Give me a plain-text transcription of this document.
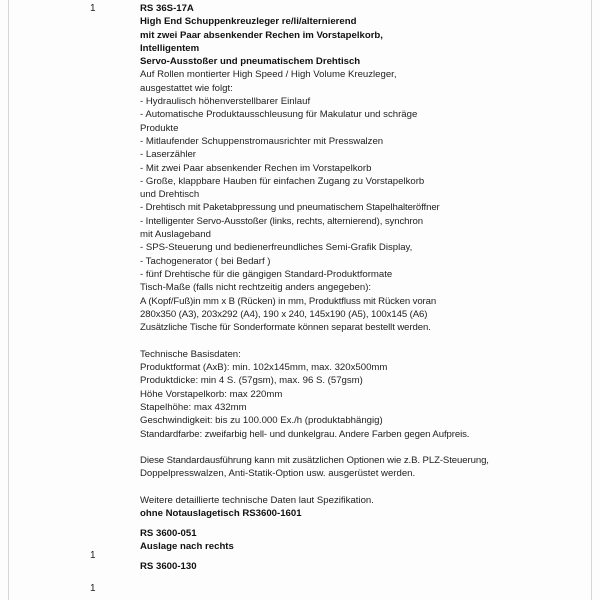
1
1
1
RS 36S-17A
High End Schuppenkreuzleger re/li/alternierend
mit zwei Paar absenkender Rechen im Vorstapelkorb,
Intelligentem
Servo-Ausstoßer und pneumatischem Drehtisch
Auf Rollen montierter High Speed / High Volume Kreuzleger,
ausgestattet wie folgt:
- Hydraulisch höhenverstellbarer Einlauf
- Automatische Produktausschleusung für Makulatur und schräge
Produkte
- Mitlaufender Schuppenstromausrichter mit Presswalzen
- Laserzähler
- Mit zwei Paar absenkender Rechen im Vorstapelkorb
- Große, klappbare Hauben für einfachen Zugang zu Vorstapelkorb
und Drehtisch
- Drehtisch mit Paketabpressung und pneumatischem Stapelhalteröffner
- Intelligenter Servo-Ausstoßer (links, rechts, alternierend), synchron
mit Auslageband
- SPS-Steuerung und bedienerfreundliches Semi-Grafik Display,
- Tachogenerator ( bei Bedarf )
- fünf Drehtische für die gängigen Standard-Produktformate
Tisch-Maße (falls nicht rechtzeitig anders angegeben):
A (Kopf/Fuß)in mm x B (Rücken) in mm, Produktfluss mit Rücken voran
280x350 (A3), 203x292 (A4), 190 x 240, 145x190 (A5), 100x145 (A6)
Zusätzliche Tische für Sonderformate können separat bestellt werden.
Technische Basisdaten:
Produktformat (AxB): min. 102x145mm, max. 320x500mm
Produktdicke: min 4 S. (57gsm), max. 96 S. (57gsm)
Höhe Vorstapelkorb: max 220mm
Stapelhöhe: max 432mm
Geschwindigkeit: bis zu 100.000 Ex./h (produktabhängig)
Standardfarbe: zweifarbig hell- und dunkelgrau. Andere Farben gegen Aufpreis.
Diese Standardausführung kann mit zusätzlichen Optionen wie z.B. PLZ-Steuerung,
Doppelpresswalzen, Anti-Statik-Option usw. ausgerüstet werden.
Weitere detaillierte technische Daten laut Spezifikation.
ohne Notauslagetisch RS3600-1601
RS 3600-051
Auslage nach rechts
RS 3600-130
